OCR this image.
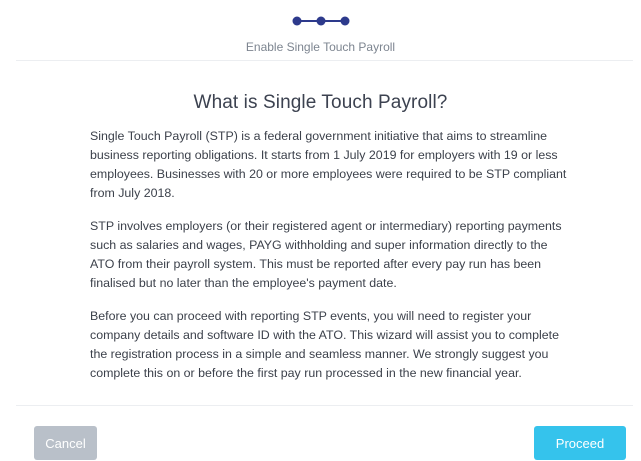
Enable Single Touch Payroll
What is Single Touch Payroll?

Single Touch Payroll (STP) is a federal government initiative that aims to streamline business reporting obligations. It starts from 1 July 2019 for employers with 19 or less employees. Businesses with 20 or more employees were required to be STP compliant from July 2018.

STP involves employers (or their registered agent or intermediary) reporting payments such as salaries and wages, PAYG withholding and super information directly to the ATO from their payroll system. This must be reported after every pay run has been finalised but no later than the employee's payment date.

Before you can proceed with reporting STP events, you will need to register your company details and software ID with the ATO. This wizard will assist you to complete the registration process in a simple and seamless manner. We strongly suggest you complete this on or before the first pay run processed in the new financial year.

Cancel	Proceed
